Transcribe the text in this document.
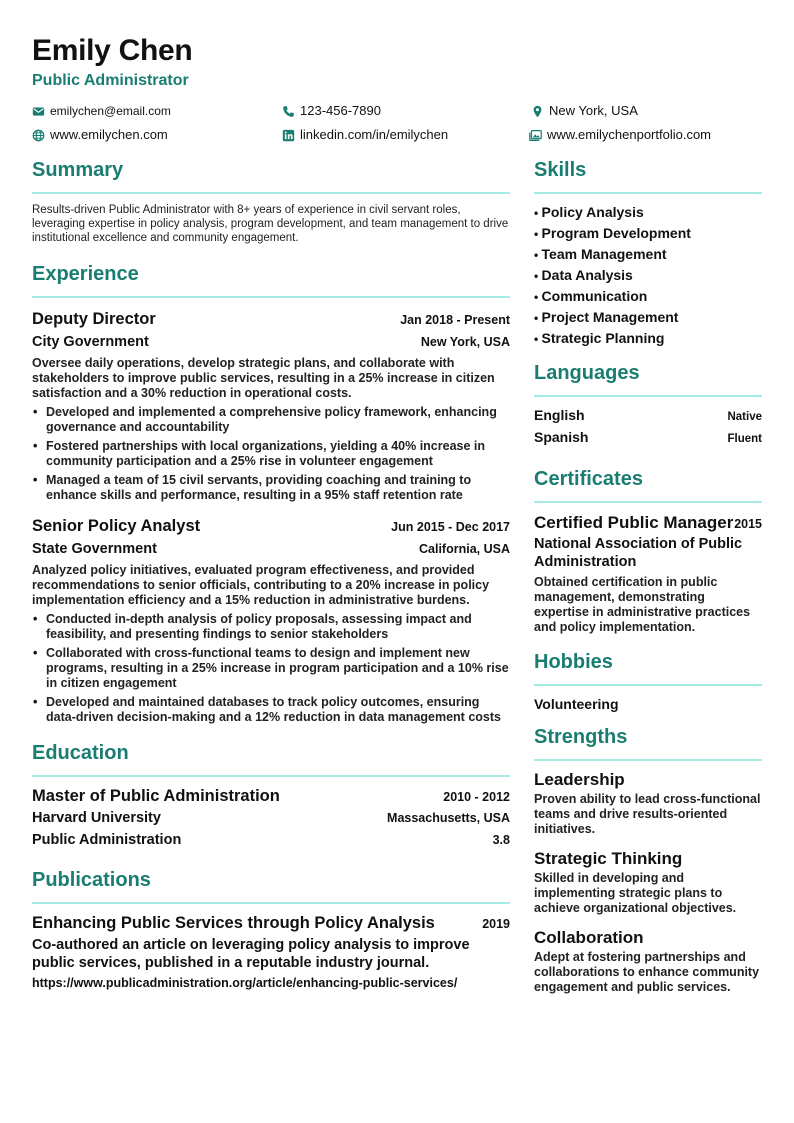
Emily Chen
Public Administrator
emilychen@email.com	123-456-7890	New York, USA
www.emilychen.com	linkedin.com/in/emilychen	www.emilychenportfolio.com
Summary
Results-driven Public Administrator with 8+ years of experience in civil servant roles, leveraging expertise in policy analysis, program development, and team management to drive institutional excellence and community engagement.
Experience
Deputy Director	Jan 2018 - Present
City Government	New York, USA
Oversee daily operations, develop strategic plans, and collaborate with stakeholders to improve public services, resulting in a 25% increase in citizen satisfaction and a 30% reduction in operational costs.
• Developed and implemented a comprehensive policy framework, enhancing governance and accountability
• Fostered partnerships with local organizations, yielding a 40% increase in community participation and a 25% rise in volunteer engagement
• Managed a team of 15 civil servants, providing coaching and training to enhance skills and performance, resulting in a 95% staff retention rate
Senior Policy Analyst	Jun 2015 - Dec 2017
State Government	California, USA
Analyzed policy initiatives, evaluated program effectiveness, and provided recommendations to senior officials, contributing to a 20% increase in policy implementation efficiency and a 15% reduction in administrative burdens.
• Conducted in-depth analysis of policy proposals, assessing impact and feasibility, and presenting findings to senior stakeholders
• Collaborated with cross-functional teams to design and implement new programs, resulting in a 25% increase in program participation and a 10% rise in citizen engagement
• Developed and maintained databases to track policy outcomes, ensuring data-driven decision-making and a 12% reduction in data management costs
Education
Master of Public Administration	2010 - 2012
Harvard University	Massachusetts, USA
Public Administration	3.8
Publications
Enhancing Public Services through Policy Analysis	2019
Co-authored an article on leveraging policy analysis to improve public services, published in a reputable industry journal.
https://www.publicadministration.org/article/enhancing-public-services/
Skills
• Policy Analysis
• Program Development
• Team Management
• Data Analysis
• Communication
• Project Management
• Strategic Planning
Languages
English	Native
Spanish	Fluent
Certificates
Certified Public Manager 2015
National Association of Public Administration
Obtained certification in public management, demonstrating expertise in administrative practices and policy implementation.
Hobbies
Volunteering
Strengths
Leadership
Proven ability to lead cross-functional teams and drive results-oriented initiatives.
Strategic Thinking
Skilled in developing and implementing strategic plans to achieve organizational objectives.
Collaboration
Adept at fostering partnerships and collaborations to enhance community engagement and public services.
